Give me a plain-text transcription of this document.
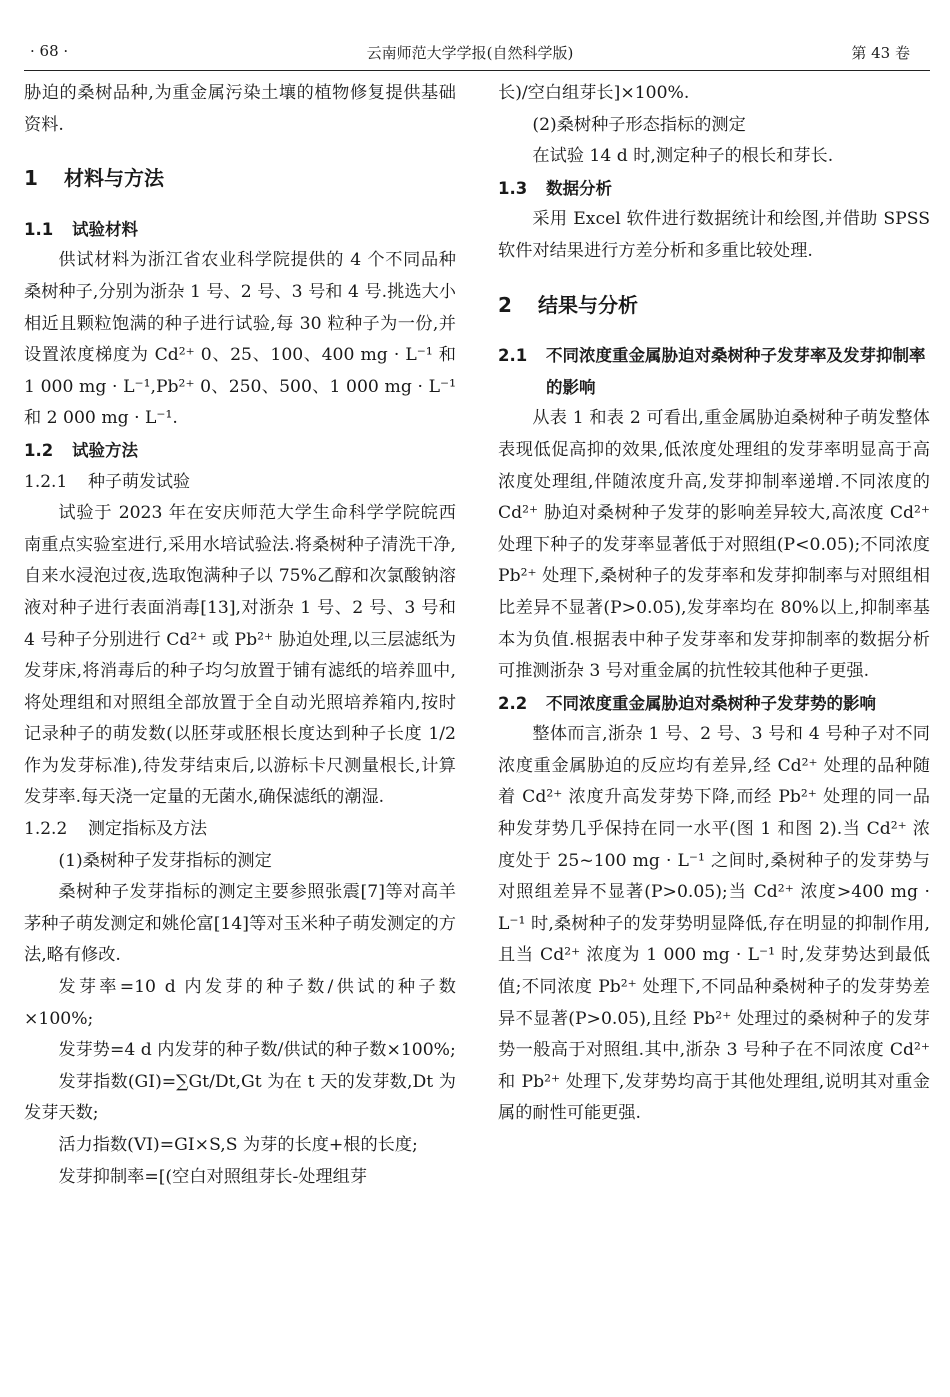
· 68 ·	云南师范大学学报(自然科学版)	第 43 卷

胁迫的桑树品种,为重金属污染土壤的植物修复提供基础资料.

1 材料与方法
1.1 试验材料

供试材料为浙江省农业科学院提供的 4 个不同品种桑树种子,分别为浙杂 1 号、2 号、3 号和 4 号.挑选大小相近且颗粒饱满的种子进行试验,每 30 粒种子为一份,并设置浓度梯度为 Cd²⁺ 0、25、100、400 mg · L⁻¹ 和 1 000 mg · L⁻¹,Pb²⁺ 0、250、500、1 000 mg · L⁻¹ 和 2 000 mg · L⁻¹.

1.2 试验方法
1.2.1 种子萌发试验

试验于 2023 年在安庆师范大学生命科学学院皖西南重点实验室进行,采用水培试验法.将桑树种子清洗干净,自来水浸泡过夜,选取饱满种子以 75%乙醇和次氯酸钠溶液对种子进行表面消毒[13],对浙杂 1 号、2 号、3 号和 4 号种子分别进行 Cd²⁺ 或 Pb²⁺ 胁迫处理,以三层滤纸为发芽床,将消毒后的种子均匀放置于铺有滤纸的培养皿中,将处理组和对照组全部放置于全自动光照培养箱内,按时记录种子的萌发数(以胚芽或胚根长度达到种子长度 1/2 作为发芽标准),待发芽结束后,以游标卡尺测量根长,计算发芽率.每天浇一定量的无菌水,确保滤纸的潮湿.

1.2.2 测定指标及方法

(1)桑树种子发芽指标的测定

桑树种子发芽指标的测定主要参照张震[7]等对高羊茅种子萌发测定和姚伦富[14]等对玉米种子萌发测定的方法,略有修改.

发芽率=10 d 内发芽的种子数/供试的种子数×100%;

发芽势=4 d 内发芽的种子数/供试的种子数×100%;

发芽指数(GI)=∑Gt/Dt,Gt 为在 t 天的发芽数,Dt 为发芽天数;

活力指数(VI)=GI×S,S 为芽的长度+根的长度;

发芽抑制率=[(空白对照组芽长-处理组芽

长)/空白组芽长]×100%.

(2)桑树种子形态指标的测定

在试验 14 d 时,测定种子的根长和芽长.

1.3 数据分析

采用 Excel 软件进行数据统计和绘图,并借助 SPSS 软件对结果进行方差分析和多重比较处理.

2 结果与分析
2.1 不同浓度重金属胁迫对桑树种子发芽率及发芽抑制率的影响

从表 1 和表 2 可看出,重金属胁迫桑树种子萌发整体表现低促高抑的效果,低浓度处理组的发芽率明显高于高浓度处理组,伴随浓度升高,发芽抑制率递增.不同浓度的 Cd²⁺ 胁迫对桑树种子发芽的影响差异较大,高浓度 Cd²⁺ 处理下种子的发芽率显著低于对照组(P<0.05);不同浓度 Pb²⁺ 处理下,桑树种子的发芽率和发芽抑制率与对照组相比差异不显著(P>0.05),发芽率均在 80%以上,抑制率基本为负值.根据表中种子发芽率和发芽抑制率的数据分析可推测浙杂 3 号对重金属的抗性较其他种子更强.

2.2 不同浓度重金属胁迫对桑树种子发芽势的影响

整体而言,浙杂 1 号、2 号、3 号和 4 号种子对不同浓度重金属胁迫的反应均有差异,经 Cd²⁺ 处理的品种随着 Cd²⁺ 浓度升高发芽势下降,而经 Pb²⁺ 处理的同一品种发芽势几乎保持在同一水平(图 1 和图 2).当 Cd²⁺ 浓度处于 25~100 mg · L⁻¹ 之间时,桑树种子的发芽势与对照组差异不显著(P>0.05);当 Cd²⁺ 浓度>400 mg · L⁻¹ 时,桑树种子的发芽势明显降低,存在明显的抑制作用,且当 Cd²⁺ 浓度为 1 000 mg · L⁻¹ 时,发芽势达到最低值;不同浓度 Pb²⁺ 处理下,不同品种桑树种子的发芽势差异不显著(P>0.05),且经 Pb²⁺ 处理过的桑树种子的发芽势一般高于对照组.其中,浙杂 3 号种子在不同浓度 Cd²⁺ 和 Pb²⁺ 处理下,发芽势均高于其他处理组,说明其对重金属的耐性可能更强.
